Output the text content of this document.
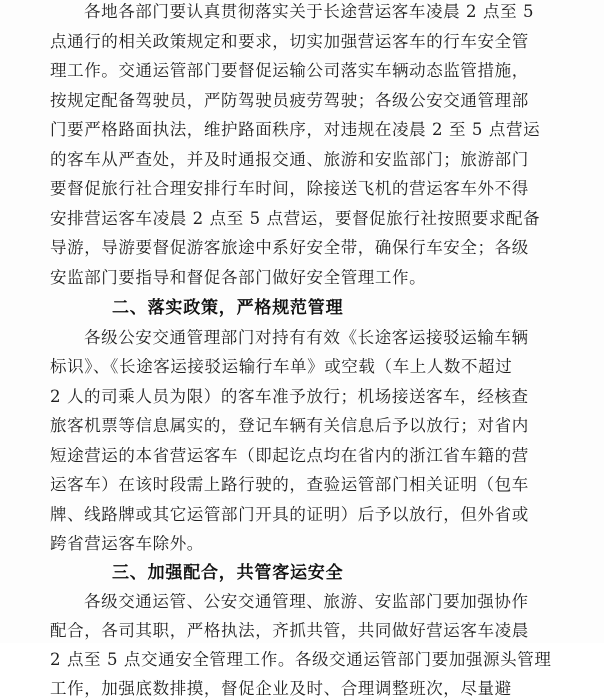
各地各部门要认真贯彻落实关于长途营运客车凌晨 2 点至 5
点通行的相关政策规定和要求，切实加强营运客车的行车安全管
理工作。交通运管部门要督促运输公司落实车辆动态监管措施，
按规定配备驾驶员，严防驾驶员疲劳驾驶；各级公安交通管理部
门要严格路面执法，维护路面秩序，对违规在凌晨 2 至 5 点营运
的客车从严查处，并及时通报交通、旅游和安监部门；旅游部门
要督促旅行社合理安排行车时间，除接送飞机的营运客车外不得
安排营运客车凌晨 2 点至 5 点营运，要督促旅行社按照要求配备
导游，导游要督促游客旅途中系好安全带，确保行车安全；各级
安监部门要指导和督促各部门做好安全管理工作。
二、落实政策，严格规范管理
各级公安交通管理部门对持有有效《长途客运接驳运输车辆
标识》、《长途客运接驳运输行车单》或空载（车上人数不超过
2 人的司乘人员为限）的客车准予放行；机场接送客车，经核查
旅客机票等信息属实的，登记车辆有关信息后予以放行；对省内
短途营运的本省营运客车（即起讫点均在省内的浙江省车籍的营
运客车）在该时段需上路行驶的，查验运管部门相关证明（包车
牌、线路牌或其它运管部门开具的证明）后予以放行，但外省或
跨省营运客车除外。
三、加强配合，共管客运安全
各级交通运管、公安交通管理、旅游、安监部门要加强协作
配合，各司其职，严格执法，齐抓共管，共同做好营运客车凌晨
2 点至 5 点交通安全管理工作。各级交通运管部门要加强源头管理
工作，加强底数排摸，督促企业及时、合理调整班次，尽量避
